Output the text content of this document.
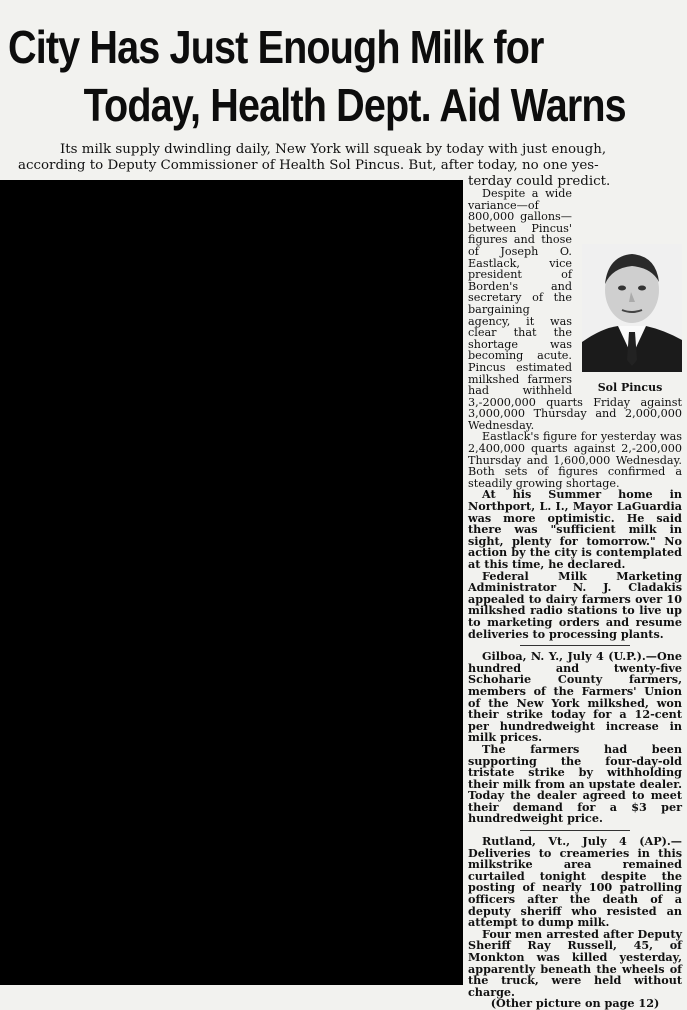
City Has Just Enough Milk for
Today, Health Dept. Aid Warns
Its milk supply dwindling daily, New York will squeak by today with just enough,
according to Deputy Commissioner of Health Sol Pincus. But, after today, no one yes-
terday could predict.
Sol Pincus

Despite a wide variance—of 800,000 gallons—between Pincus' figures and those of Joseph O. Eastlack, vice president of Borden's and secretary of the bargaining agency, it was clear that the shortage was becoming acute. Pincus estimated milkshed farmers had withheld 3,-2000,000 quarts Friday against 3,000,000 Thursday and 2,000,000 Wednesday.

Eastlack's figure for yesterday was 2,400,000 quarts against 2,-200,000 Thursday and 1,600,000 Wednesday. Both sets of figures confirmed a steadily growing shortage.

At his Summer home in Northport, L. I., Mayor LaGuardia was more optimistic. He said there was "sufficient milk in sight, plenty for tomorrow." No action by the city is contemplated at this time, he declared.

Federal Milk Marketing Administrator N. J. Cladakis appealed to dairy farmers over 10 milkshed radio stations to live up to marketing orders and resume deliveries to processing plants.

Gilboa, N. Y., July 4 (U.P.).—One hundred and twenty-five Schoharie County farmers, members of the Farmers' Union of the New York milkshed, won their strike today for a 12-cent per hundredweight increase in milk prices.

The farmers had been supporting the four-day-old tristate strike by withholding their milk from an upstate dealer. Today the dealer agreed to meet their demand for a $3 per hundredweight price.

Rutland, Vt., July 4 (AP).—Deliveries to creameries in this milkstrike area remained curtailed tonight despite the posting of nearly 100 patrolling officers after the death of a deputy sheriff who resisted an attempt to dump milk.

Four men arrested after Deputy Sheriff Ray Russell, 45, of Monkton was killed yesterday, apparently beneath the wheels of the truck, were held without charge.

(Other picture on page 12)
